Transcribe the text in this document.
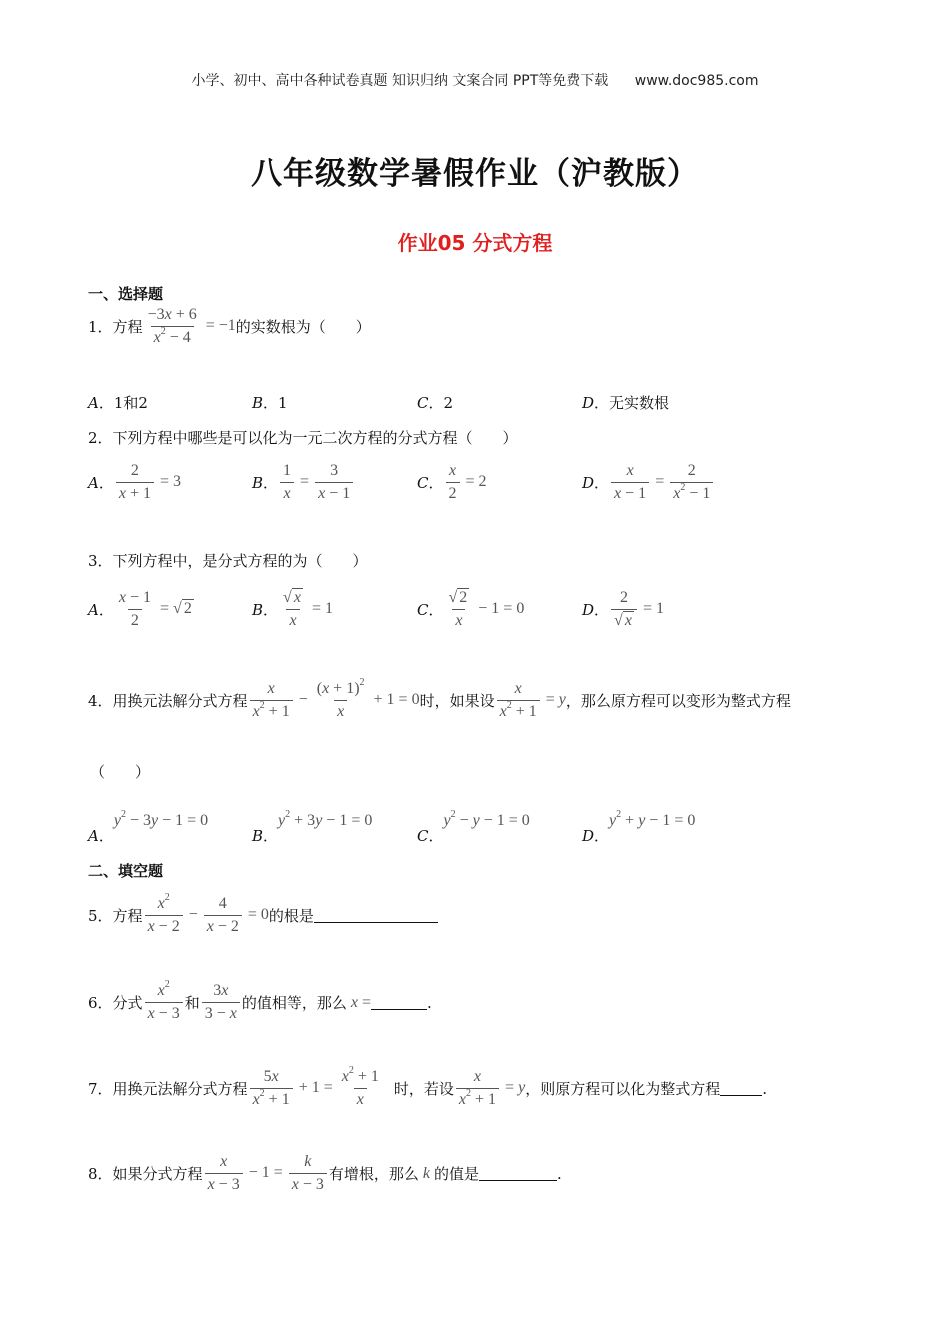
小学、初中、高中各种试卷真题 知识归纳 文案合同 PPT等免费下载 www.doc985.com
八年级数学暑假作业（沪教版）
作业05 分式方程
一、选择题
1． 方程 $\frac{-3x + 6}{x^2 - 4} = -1$ 的实数根为（　　）
A．1和2	B．1	C．2	D．无实数根
2．下列方程中哪些是可以化为一元二次方程的分式方程（　　）
A ． $\frac{2}{x + 1} = 3$	B ． $\frac{1}{x} = \frac{3}{x - 1}$	C ． $\frac{x}{2} = 2$	D ． $\frac{x}{x - 1} = \frac{2}{x^2 - 1}$
3．下列方程中，是分式方程的为（　　）
A ． $\frac{x - 1}{2}$ = √ 2	B ． $\frac{√ x}{x} = 1$	C ． $\frac{√ 2}{x} - 1 = 0$	D ． $\frac{2}{√ x} = 1$
4． 用换元法解分式方程 $\frac{x}{x^2 + 1} - \frac{(x + 1)^2}{x} + 1 = 0$ 时，如果设 $\frac{x}{x^2 + 1} = y$ ，那么原方程可以变形为整式方程
（　　）
A ．
$y^2 - 3y - 1 = 0$
B ．
$y^2 + 3y - 1 = 0$
C ．
$y^2 - y - 1 = 0$
D ．
$y^2 + y - 1 = 0$
二、填空题
5． 方程 $\frac{x^2}{x - 2} - \frac{4}{x - 2} = 0$ 的根是
6． 分式 $\frac{x^2}{x - 3}$ 和 $\frac{3x}{3 - x}$ 的值相等，那么 x =	.
7． 用换元法解分式方程 $\frac{5x}{x^2 + 1} + 1 = \frac{x^2 + 1}{x}$ 时，若设 $\frac{x}{x^2 + 1} = y$ ，则原方程可以化为整式方程	.
8． 如果分式方程 $\frac{x}{x - 3} - 1 = \frac{k}{x - 3}$ 有增根，那么 k 的值是	.
